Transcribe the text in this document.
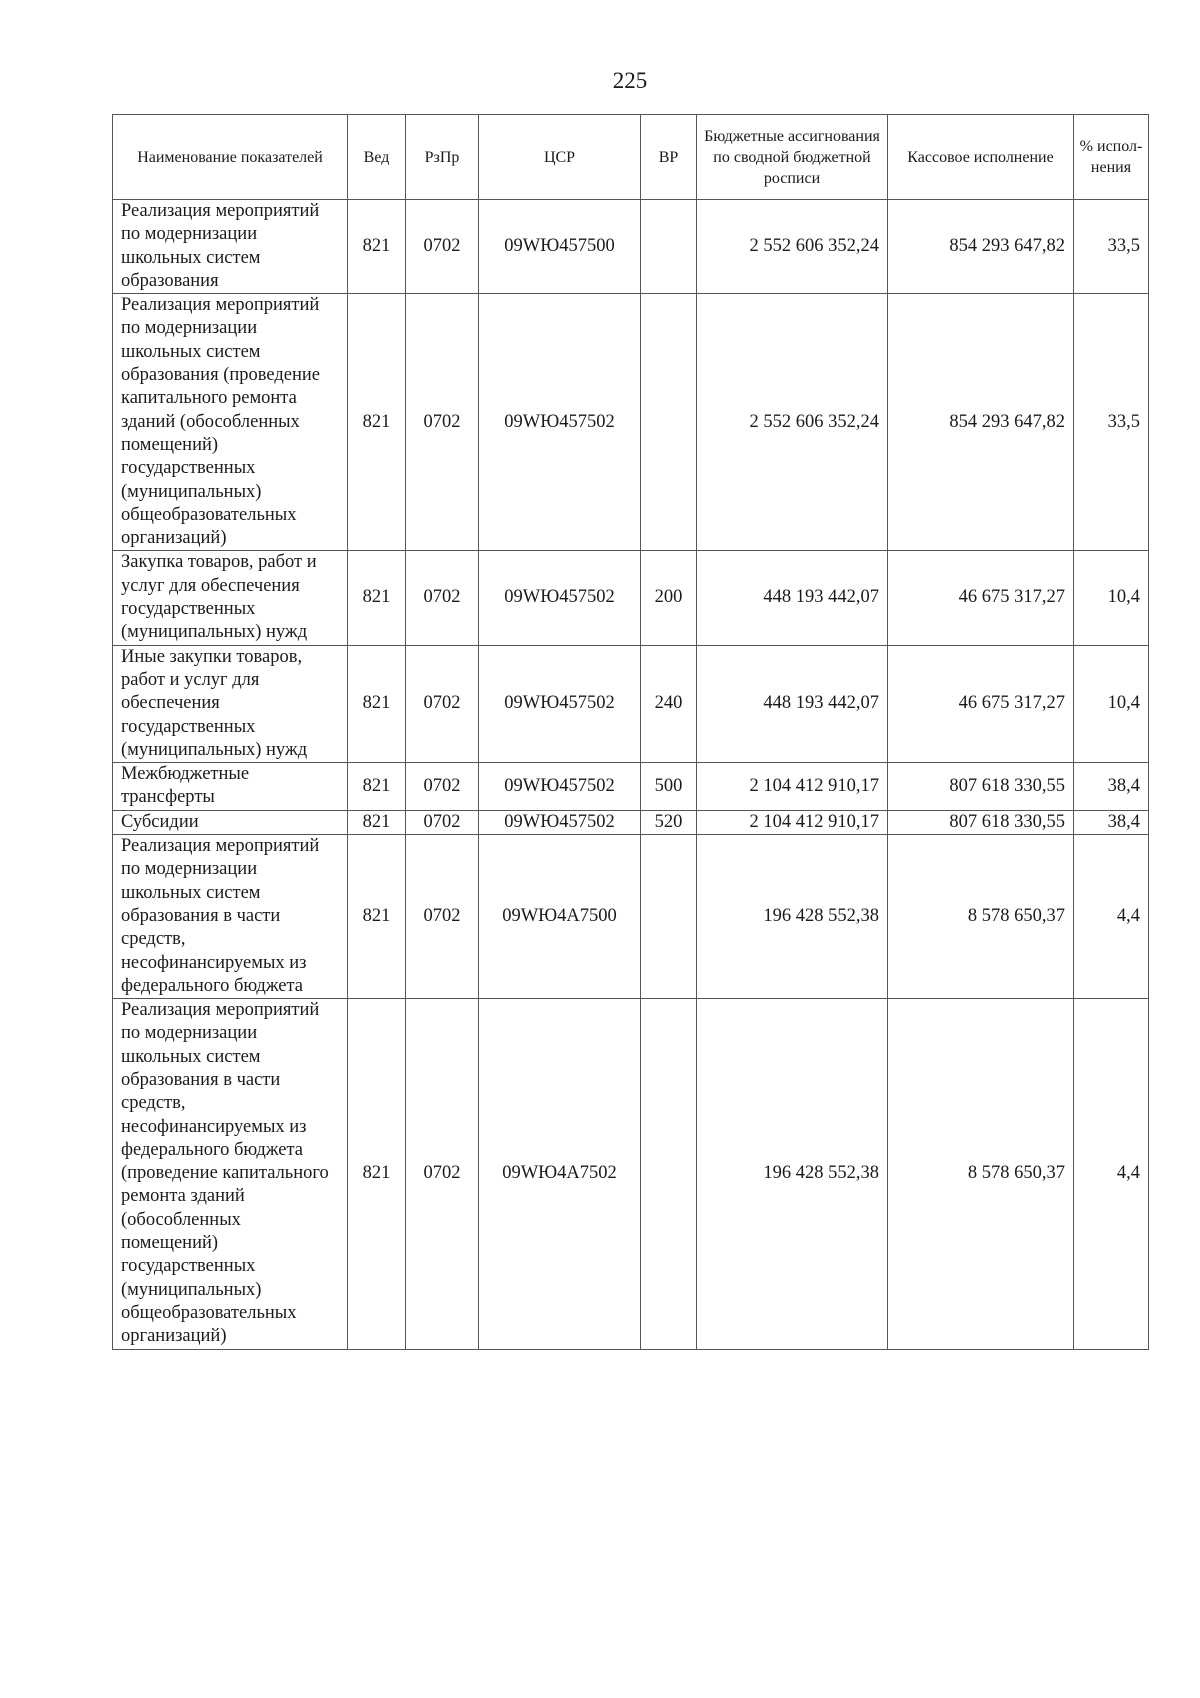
225
Наименование показателей	Вед	РзПр	ЦСР	ВР	Бюджетные ассигнования по сводной бюджетной росписи	Кассовое исполнение	% испол-нения
Реализация мероприятий по модернизации школьных систем образования	821	0702	09WЮ457500		2 552 606 352,24	854 293 647,82	33,5
Реализация мероприятий по модернизации школьных систем образования (проведение капитального ремонта зданий (обособленных помещений) государственных (муниципальных) общеобразовательных организаций)	821	0702	09WЮ457502		2 552 606 352,24	854 293 647,82	33,5
Закупка товаров, работ и услуг для обеспечения государственных (муниципальных) нужд	821	0702	09WЮ457502	200	448 193 442,07	46 675 317,27	10,4
Иные закупки товаров, работ и услуг для обеспечения государственных (муниципальных) нужд	821	0702	09WЮ457502	240	448 193 442,07	46 675 317,27	10,4
Межбюджетные трансферты	821	0702	09WЮ457502	500	2 104 412 910,17	807 618 330,55	38,4
Субсидии	821	0702	09WЮ457502	520	2 104 412 910,17	807 618 330,55	38,4
Реализация мероприятий по модернизации школьных систем образования в части средств, несофинансируемых из федерального бюджета	821	0702	09WЮ4A7500		196 428 552,38	8 578 650,37	4,4
Реализация мероприятий по модернизации школьных систем образования в части средств, несофинансируемых из федерального бюджета (проведение капитального ремонта зданий (обособленных помещений) государственных (муниципальных) общеобразовательных организаций)	821	0702	09WЮ4A7502		196 428 552,38	8 578 650,37	4,4
